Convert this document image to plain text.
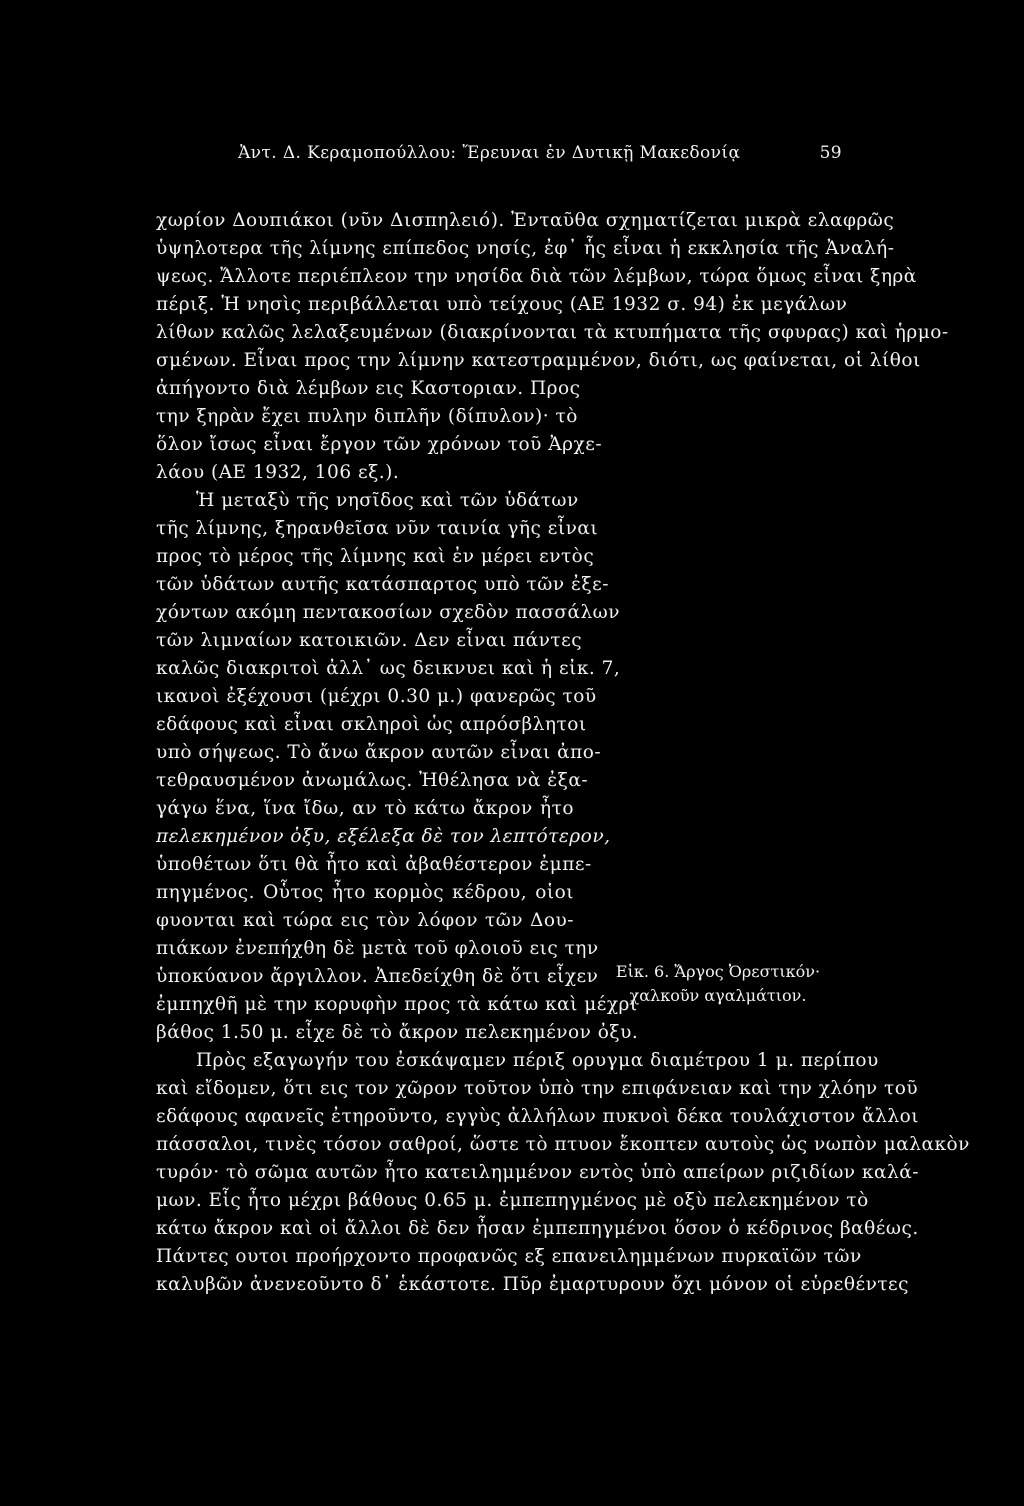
Ἀντ. Δ. Κεραμοπούλλου: Ἔρευναι ἐν Δυτικῇ Μακεδονίᾳ	59
χωρίον Δουπιάκοι (νῦν Δισπηλειό). Ἐνταῦθα σχηματίζεται μικρὰ ελαφρῶς
ὑψηλοτερα τῆς λίμνης επίπεδος νησίς, ἐφ᾽ ἧς εἶναι ἡ εκκλησία τῆς Ἀναλή-
ψεως. Ἄλλοτε περιέπλεον την νησίδα διὰ τῶν λέμβων, τώρα ὅμως εἶναι ξηρὰ
πέριξ. Ἡ νησὶς περιβάλλεται υπὸ τείχους (ΑΕ 1932 σ. 94) ἐκ μεγάλων
λίθων καλῶς λελαξευμένων (διακρίνονται τὰ κτυπήματα τῆς σφυρας) καὶ ἡρμο-
σμένων. Εἶναι προς την λίμνην κατεστραμμένον, διότι, ως φαίνεται, οἱ λίθοι
ἀπήγοντο διὰ λέμβων εις Καστοριαν. Προς
την ξηρὰν ἔχει πυλην διπλῆν (δίπυλον)· τὸ
ὅλον ἴσως εἶναι ἔργον τῶν χρόνων τοῦ Ἀρχε-
λάου (ΑΕ 1932, 106 εξ.).
Ἡ μεταξὺ τῆς νησῖδος καὶ τῶν ὑδάτων
τῆς λίμνης, ξηρανθεῖσα νῦν ταινία γῆς εἶναι
προς τὸ μέρος τῆς λίμνης καὶ ἐν μέρει εντὸς
τῶν ὑδάτων αυτῆς κατάσπαρτος υπὸ τῶν ἐξε-
χόντων ακόμη πεντακοσίων σχεδὸν πασσάλων
τῶν λιμναίων κατοικιῶν. Δεν εἶναι πάντες
καλῶς διακριτοὶ ἀλλ᾽ ως δεικνυει καὶ ἡ εἰκ. 7,
ικανοὶ ἐξέχουσι (μέχρι 0.30 μ.) φανερῶς τοῦ
εδάφους καὶ εἶναι σκληροὶ ὡς απρόσβλητοι
υπὸ σήψεως. Τὸ ἄνω ἄκρον αυτῶν εἶναι ἀπο-
τεθραυσμένον ἀνωμάλως. Ἠθέλησα νὰ ἐξα-
γάγω ἕνα, ἵνα ἴδω, αν τὸ κάτω ἄκρον ἦτο
πελεκημένον ὀξυ, εξέλεξα δὲ τον λεπτότερον,
ὑποθέτων ὅτι θὰ ἦτο καὶ ἀβαθέστερον ἐμπε-
πηγμένος. Οὗτος ἦτο κορμὸς κέδρου, οἱοι
φυονται καὶ τώρα εις τὸν λόφον τῶν Δου-
πιάκων ἐνεπήχθη δὲ μετὰ τοῦ φλοιοῦ εις την
ὑποκύανον ἄργιλλον. Ἀπεδείχθη δὲ ὅτι εἶχεν
ἐμπηχθῆ μὲ την κορυφὴν προς τὰ κάτω καὶ μέχρι
βάθος 1.50 μ. εἶχε δὲ τὸ ἄκρον πελεκημένον ὀξυ.
Εἰκ. 6. Ἄργος Ὀρεστικόν·
χαλκοῦν αγαλμάτιον.
Πρὸς εξαγωγήν του ἐσκάψαμεν πέριξ ορυγμα διαμέτρου 1 μ. περίπου
καὶ εἴδομεν, ὅτι εις τον χῶρον τοῦτον ὑπὸ την επιφάνειαν καὶ την χλόην τοῦ
εδάφους αφανεῖς ἐτηροῦντο, εγγὺς ἀλλήλων πυκνοὶ δέκα τουλάχιστον ἄλλοι
πάσσαλοι, τινὲς τόσον σαθροί, ὥστε τὸ πτυον ἔκοπτεν αυτοὺς ὡς νωπὸν μαλακὸν
τυρόν· τὸ σῶμα αυτῶν ἦτο κατειλημμένον εντὸς ὑπὸ απείρων ριζιδίων καλά-
μων. Εἷς ἦτο μέχρι βάθους 0.65 μ. ἐμπεπηγμένος μὲ οξὺ πελεκημένον τὸ
κάτω ἄκρον καὶ οἱ ἄλλοι δὲ δεν ἦσαν ἐμπεπηγμένοι ὅσον ὁ κέδρινος βαθέως.
Πάντες ουτοι προήρχοντο προφανῶς εξ επανειλημμένων πυρκαϊῶν τῶν
καλυβῶν ἀνενεοῦντο δ᾽ ἑκάστοτε. Πῦρ ἐμαρτυρουν ὄχι μόνον οἱ εὑρεθέντες
